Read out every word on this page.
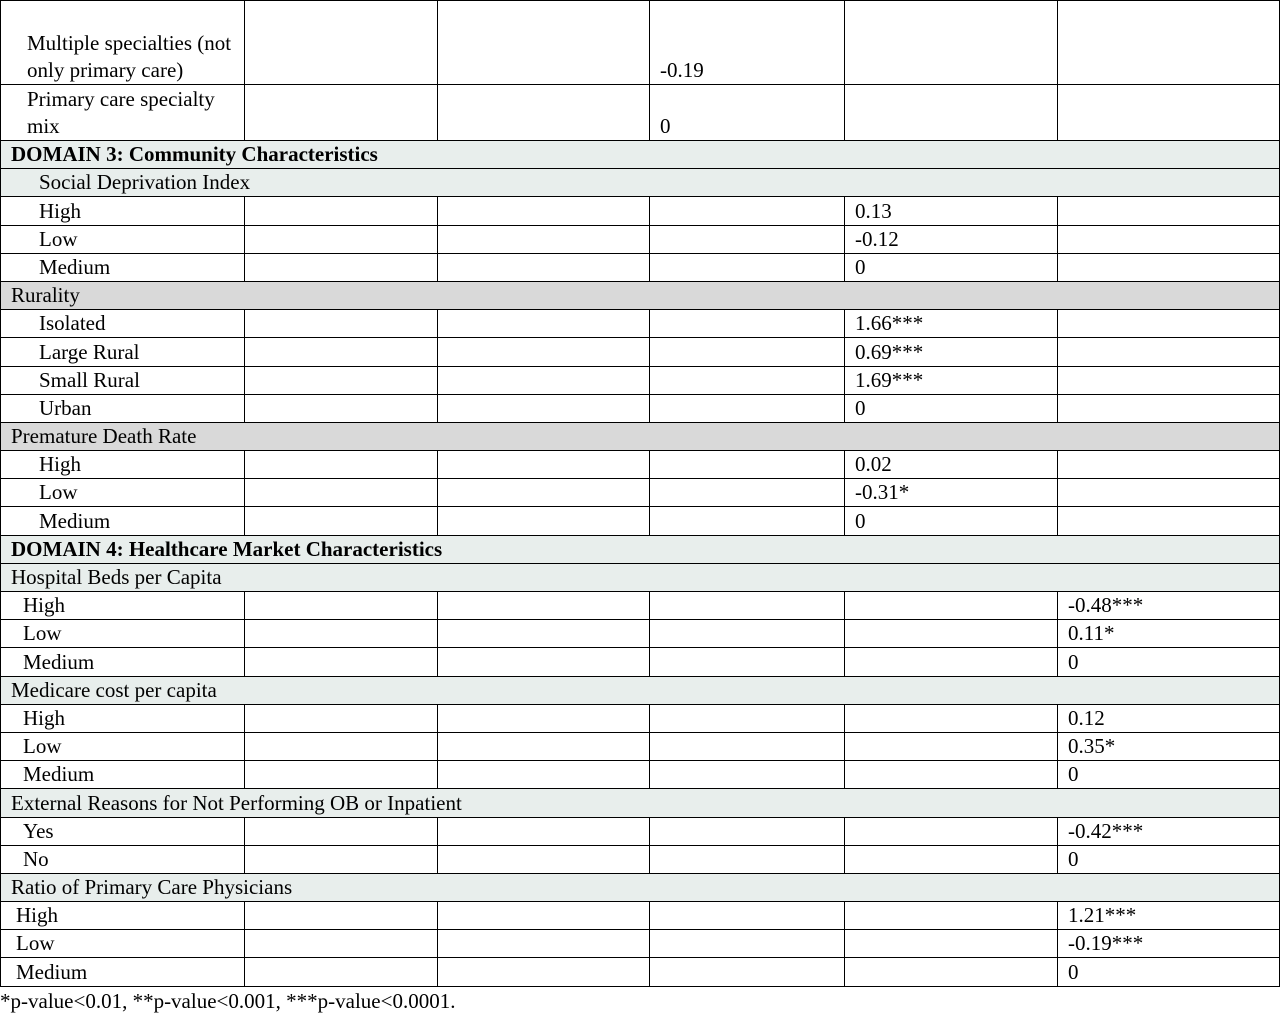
Multiple specialties (not only primary care)			-0.19		
Primary care specialty mix			0		
DOMAIN 3: Community Characteristics					
Social Deprivation Index					
High				0.13	
Low				-0.12	
Medium				0	
Rurality					
Isolated				1.66***	
Large Rural				0.69***	
Small Rural				1.69***	
Urban				0	
Premature Death Rate					
High				0.02	
Low				-0.31*	
Medium				0	
DOMAIN 4: Healthcare Market Characteristics					
Hospital Beds per Capita					
High					-0.48***
Low					0.11*
Medium					0
Medicare cost per capita					
High					0.12
Low					0.35*
Medium					0
External Reasons for Not Performing OB or Inpatient					
Yes					-0.42***
No					0
Ratio of Primary Care Physicians					
High					1.21***
Low					-0.19***
Medium					0
*p-value<0.01, **p-value<0.001, ***p-value<0.0001.
